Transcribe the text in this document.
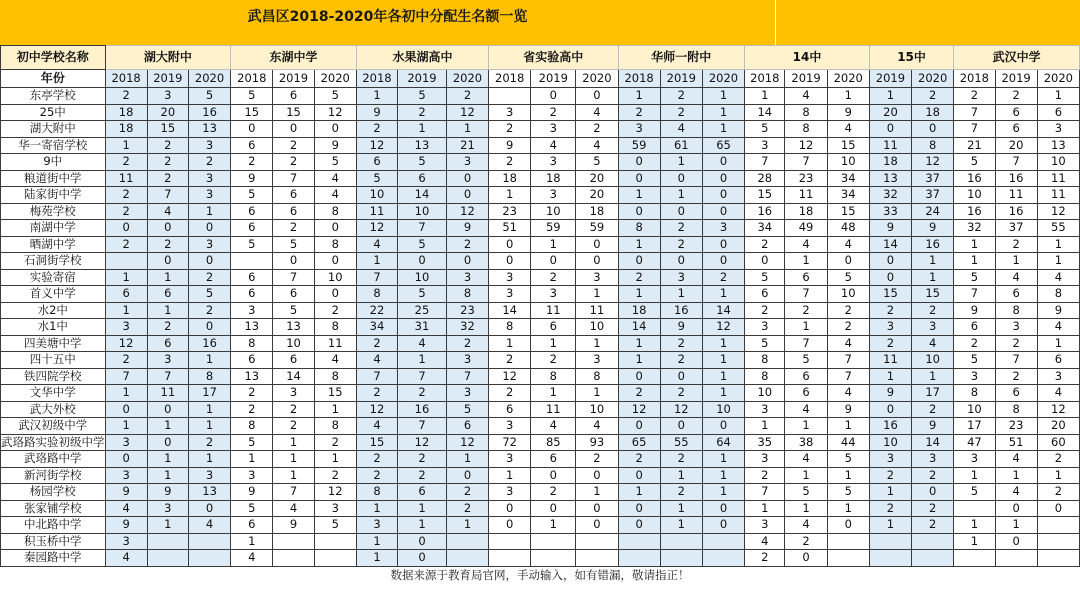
武昌区2018-2020年各初中分配生名额一览
初中学校名称	湖大附中			东湖中学			水果湖高中			省实验高中			华师一附中			14中			15中		武汉中学		
年份	2018	2019	2020	2018	2019	2020	2018	2019	2020	2018	2019	2020	2018	2019	2020	2018	2019	2020	2019	2020	2018	2019	2020
东亭学校	2	3	5	5	6	5	1	5	2		0	0	1	2	1	1	4	1	1	2	2	2	1
25中	18	20	16	15	15	12	9	2	12	3	2	4	2	2	1	14	8	9	20	18	7	6	6
湖大附中	18	15	13	0	0	0	2	1	1	2	3	2	3	4	1	5	8	4	0	0	7	6	3
华一寄宿学校	1	2	3	6	2	9	12	13	21	9	4	4	59	61	65	3	12	15	11	8	21	20	13
9中	2	2	2	2	2	5	6	5	3	2	3	5	0	1	0	7	7	10	18	12	5	7	10
粮道街中学	11	2	3	9	7	4	5	6	0	18	18	20	0	0	0	28	23	34	13	37	16	16	11
陆家街中学	2	7	3	5	6	4	10	14	0	1	3	20	1	1	0	15	11	34	32	37	10	11	11
梅苑学校	2	4	1	6	6	8	11	10	12	23	10	18	0	0	0	16	18	15	33	24	16	16	12
南湖中学	0	0	0	6	2	0	12	7	9	51	59	59	8	2	3	34	49	48	9	9	32	37	55
晒湖中学	2	2	3	5	5	8	4	5	2	0	1	0	1	2	0	2	4	4	14	16	1	2	1
石洞街学校		0	0		0	0	1	0	0	0	0	0	0	0	0	0	1	0	0	1	1	1	1
实验寄宿	1	1	2	6	7	10	7	10	3	3	2	3	2	3	2	5	6	5	0	1	5	4	4
首义中学	6	6	5	6	6	0	8	5	8	3	3	1	1	1	1	6	7	10	15	15	7	6	8
水2中	1	1	2	3	5	2	22	25	23	14	11	11	18	16	14	2	2	2	2	2	9	8	9
水1中	3	2	0	13	13	8	34	31	32	8	6	10	14	9	12	3	1	2	3	3	6	3	4
四美塘中学	12	6	16	8	10	11	2	4	2	1	1	1	1	2	1	5	7	4	2	4	2	2	1
四十五中	2	3	1	6	6	4	4	1	3	2	2	3	1	2	1	8	5	7	11	10	5	7	6
铁四院学校	7	7	8	13	14	8	7	7	7	12	8	8	0	0	1	8	6	7	1	1	3	2	3
文华中学	1	11	17	2	3	15	2	2	3	2	1	1	2	2	1	10	6	4	9	17	8	6	4
武大外校	0	0	1	2	2	1	12	16	5	6	11	10	12	12	10	3	4	9	0	2	10	8	12
武汉初级中学	1	1	1	8	2	8	4	7	6	3	4	4	0	0	0	1	1	1	16	9	17	23	20
武珞路实验初级中学	3	0	2	5	1	2	15	12	12	72	85	93	65	55	64	35	38	44	10	14	47	51	60
武珞路中学	0	1	1	1	1	1	2	2	1	3	6	2	2	2	1	3	4	5	3	3	3	4	2
新河街学校	3	1	3	3	1	2	2	2	0	1	0	0	0	1	1	2	1	1	2	2	1	1	1
杨园学校	9	9	13	9	7	12	8	6	2	3	2	1	1	2	1	7	5	5	1	0	5	4	2
张家铺学校	4	3	0	5	4	3	1	1	2	0	0	0	0	1	0	1	1	1	2	2		0	0
中北路中学	9	1	4	6	9	5	3	1	1	0	1	0	0	1	0	3	4	0	1	2	1	1	
积玉桥中学	3			1			1	0								4	2				1	0	
秦园路中学	4			4			1	0								2	0						
数据来源于教育局官网，手动输入，如有错漏，敬请指正！
